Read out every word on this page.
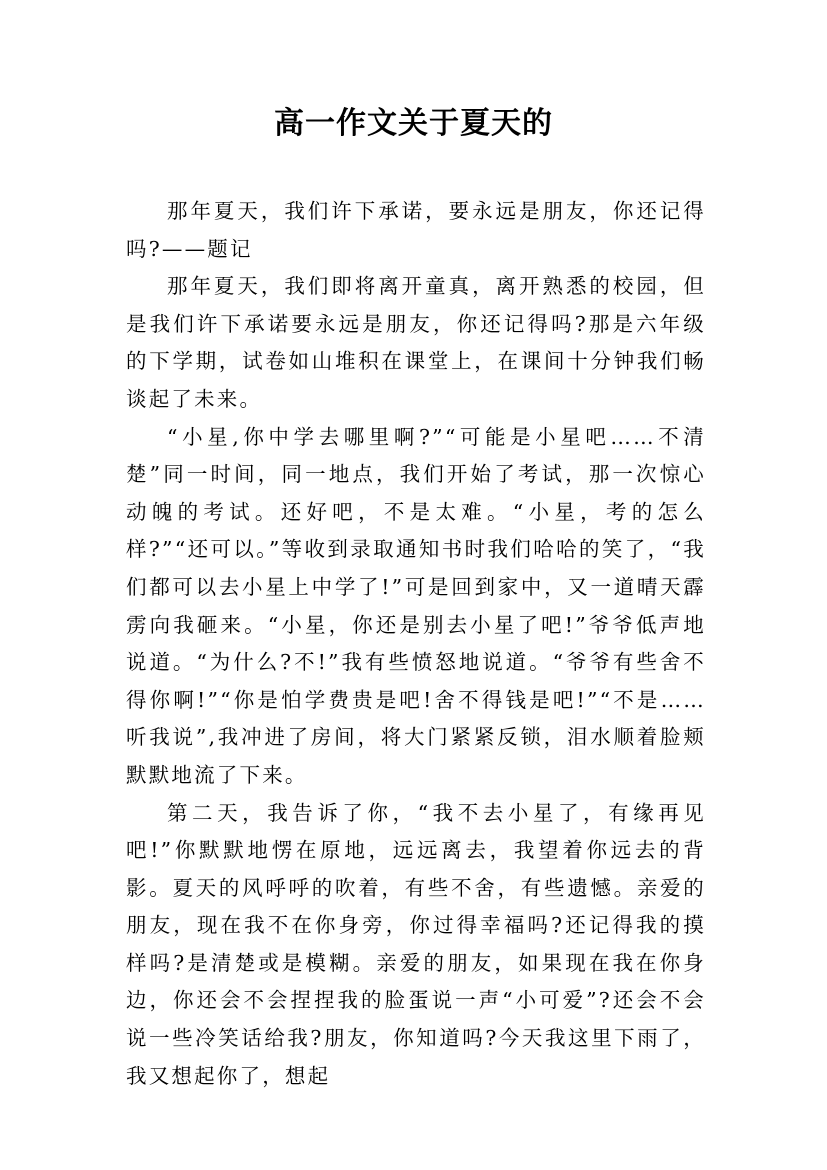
高一作文关于夏天的

那年夏天，我们许下承诺，要永远是朋友，你还记得吗?——题记

那年夏天，我们即将离开童真，离开熟悉的校园，但是我们许下承诺要永远是朋友，你还记得吗?那是六年级的下学期，试卷如山堆积在课堂上，在课间十分钟我们畅谈起了未来。

“小星,你中学去哪里啊?”“可能是小星吧……不清楚”同一时间，同一地点，我们开始了考试，那一次惊心动魄的考试。还好吧，不是太难。“小星，考的怎么样?”“还可以。”等收到录取通知书时我们哈哈的笑了，“我们都可以去小星上中学了!”可是回到家中，又一道晴天霹雳向我砸来。“小星，你还是别去小星了吧!”爷爷低声地说道。“为什么?不!”我有些愤怒地说道。“爷爷有些舍不得你啊!”“你是怕学费贵是吧!舍不得钱是吧!”“不是……听我说”,我冲进了房间，将大门紧紧反锁，泪水顺着脸颊默默地流了下来。

第二天，我告诉了你，“我不去小星了，有缘再见吧!”你默默地愣在原地，远远离去，我望着你远去的背影。夏天的风呼呼的吹着，有些不舍，有些遗憾。亲爱的朋友，现在我不在你身旁，你过得幸福吗?还记得我的摸样吗?是清楚或是模糊。亲爱的朋友，如果现在我在你身边，你还会不会捏捏我的脸蛋说一声“小可爱”?还会不会说一些冷笑话给我?朋友，你知道吗?今天我这里下雨了，我又想起你了，想起
